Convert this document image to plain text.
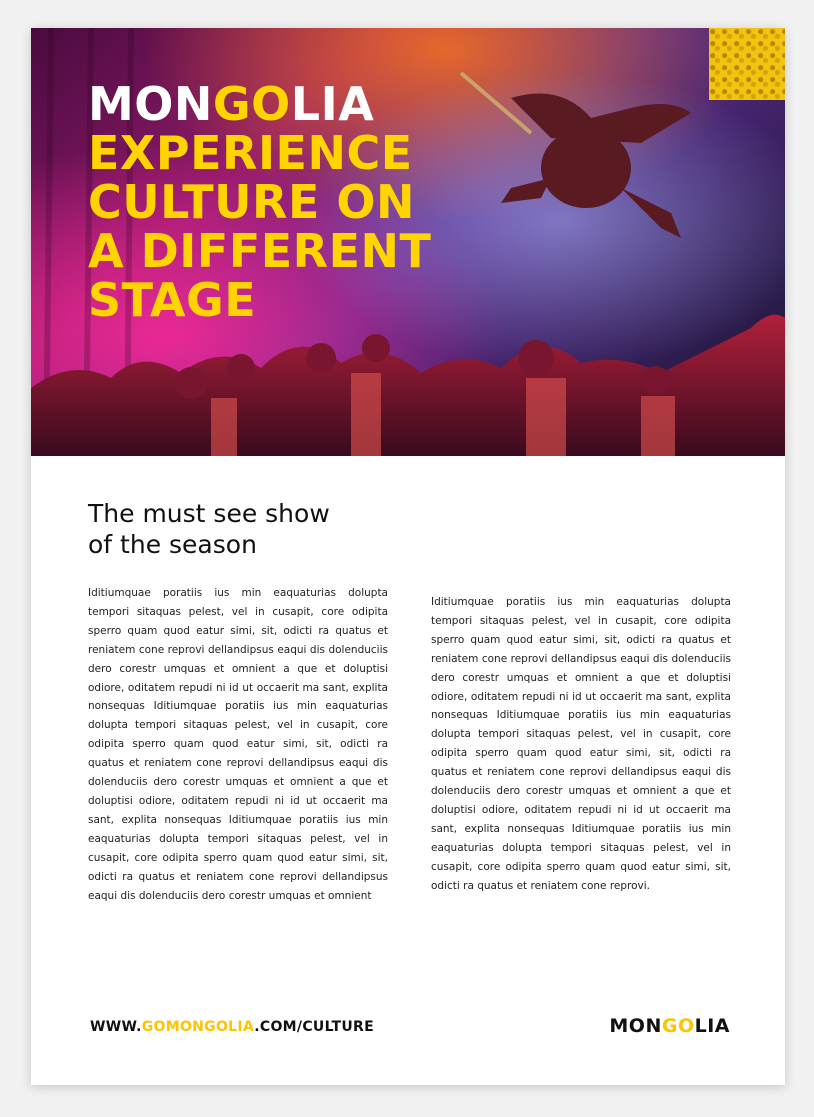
MONGOLIA
EXPERIENCE
CULTURE ON
A DIFFERENT
STAGE
The must see show
of the season

Iditiumquae poratiis ius min eaquaturias dolupta tempori sitaquas pelest, vel in cusapit, core odipita sperro quam quod eatur simi, sit, odicti ra quatus et reniatem cone reprovi dellandipsus eaqui dis dolenduciis dero corestr umquas et omnient a que et doluptisi odiore, oditatem repudi ni id ut occaerit ma sant, explita nonsequas Iditiumquae poratiis ius min eaquaturias dolupta tempori sitaquas pelest, vel in cusapit, core odipita sperro quam quod eatur simi, sit, odicti ra quatus et reniatem cone reprovi dellandipsus eaqui dis dolenduciis dero corestr umquas et omnient a que et doluptisi odiore, oditatem repudi ni id ut occaerit ma sant, explita nonsequas Iditiumquae poratiis ius min eaquaturias dolupta tempori sitaquas pelest, vel in cusapit, core odipita sperro quam quod eatur simi, sit, odicti ra quatus et reniatem cone reprovi dellandipsus eaqui dis dolenduciis dero corestr umquas et omnient

Iditiumquae poratiis ius min eaquaturias dolupta tempori sitaquas pelest, vel in cusapit, core odipita sperro quam quod eatur simi, sit, odicti ra quatus et reniatem cone reprovi dellandipsus eaqui dis dolenduciis dero corestr umquas et omnient a que et doluptisi odiore, oditatem repudi ni id ut occaerit ma sant, explita nonsequas Iditiumquae poratiis ius min eaquaturias dolupta tempori sitaquas pelest, vel in cusapit, core odipita sperro quam quod eatur simi, sit, odicti ra quatus et reniatem cone reprovi dellandipsus eaqui dis dolenduciis dero corestr umquas et omnient a que et doluptisi odiore, oditatem repudi ni id ut occaerit ma sant, explita nonsequas Iditiumquae poratiis ius min eaquaturias dolupta tempori sitaquas pelest, vel in cusapit, core odipita sperro quam quod eatur simi, sit, odicti ra quatus et reniatem cone reprovi.

WWW.GOMONGOLIA.COM/CULTURE	MONGOLIA
